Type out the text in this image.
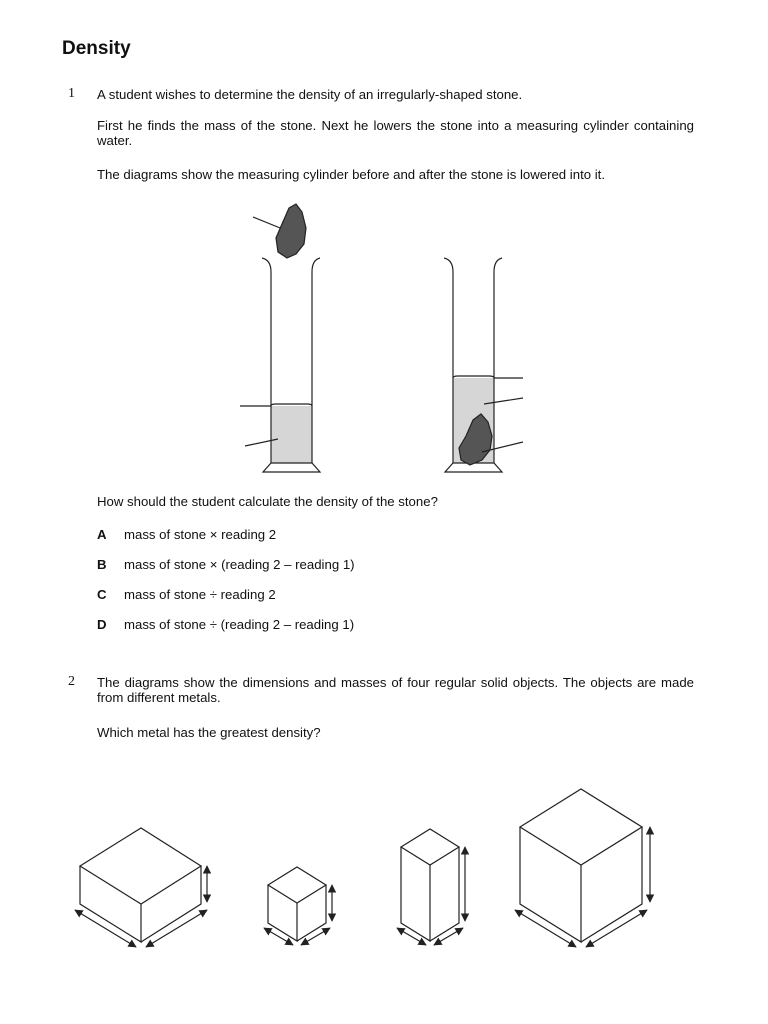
Density
1 A student wishes to determine the density of an irregularly-shaped stone.

First he finds the mass of the stone. Next he lowers the stone into a measuring cylinder containing water.

The diagrams show the measuring cylinder before and after the stone is lowered into it.

How should the student calculate the density of the stone?

A mass of stone × reading 2
B mass of stone × (reading 2 – reading 1)
C mass of stone ÷ reading 2
D mass of stone ÷ (reading 2 – reading 1)
2 The diagrams show the dimensions and masses of four regular solid objects. The objects are made from different metals.

Which metal has the greatest density?
